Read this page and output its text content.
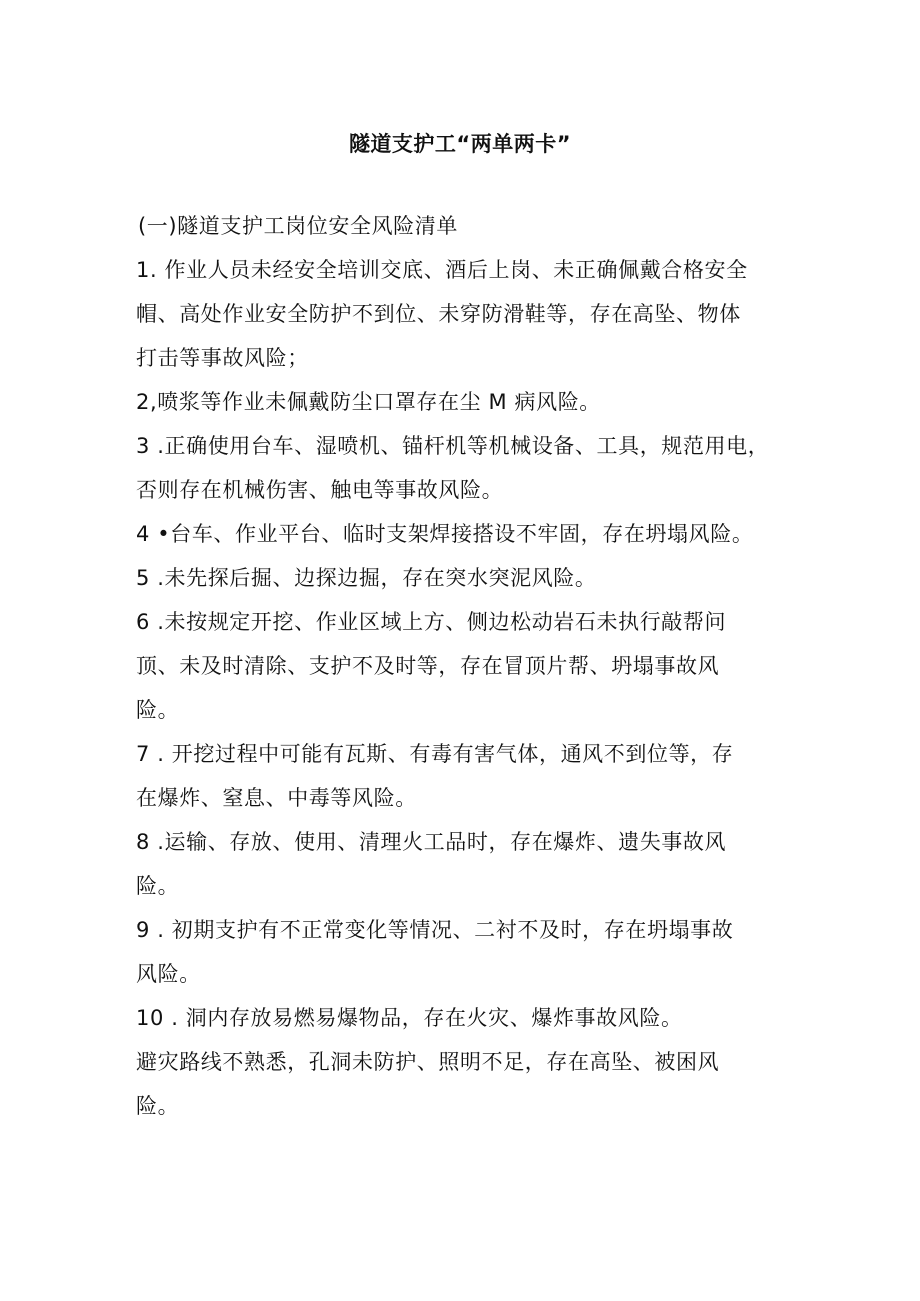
隧道支护工“两单两卡”
(一)隧道支护工岗位安全风险清单
1. 作业人员未经安全培训交底、酒后上岗、未正确佩戴合格安全
帽、高处作业安全防护不到位、未穿防滑鞋等，存在高坠、物体
打击等事故风险；
2,喷浆等作业未佩戴防尘口罩存在尘 M 病风险。
3 .正确使用台车、湿喷机、锚杆机等机械设备、工具，规范用电，
否则存在机械伤害、触电等事故风险。
4 •台车、作业平台、临时支架焊接搭设不牢固，存在坍塌风险。
5 .未先探后掘、边探边掘，存在突水突泥风险。
6 .未按规定开挖、作业区域上方、侧边松动岩石未执行敲帮问
顶、未及时清除、支护不及时等，存在冒顶片帮、坍塌事故风
险。
7 . 开挖过程中可能有瓦斯、有毒有害气体，通风不到位等，存
在爆炸、窒息、中毒等风险。
8 .运输、存放、使用、清理火工品时，存在爆炸、遗失事故风
险。
9 . 初期支护有不正常变化等情况、二衬不及时，存在坍塌事故
风险。
10 . 洞内存放易燃易爆物品，存在火灾、爆炸事故风险。
避灾路线不熟悉，孔洞未防护、照明不足，存在高坠、被困风
险。
